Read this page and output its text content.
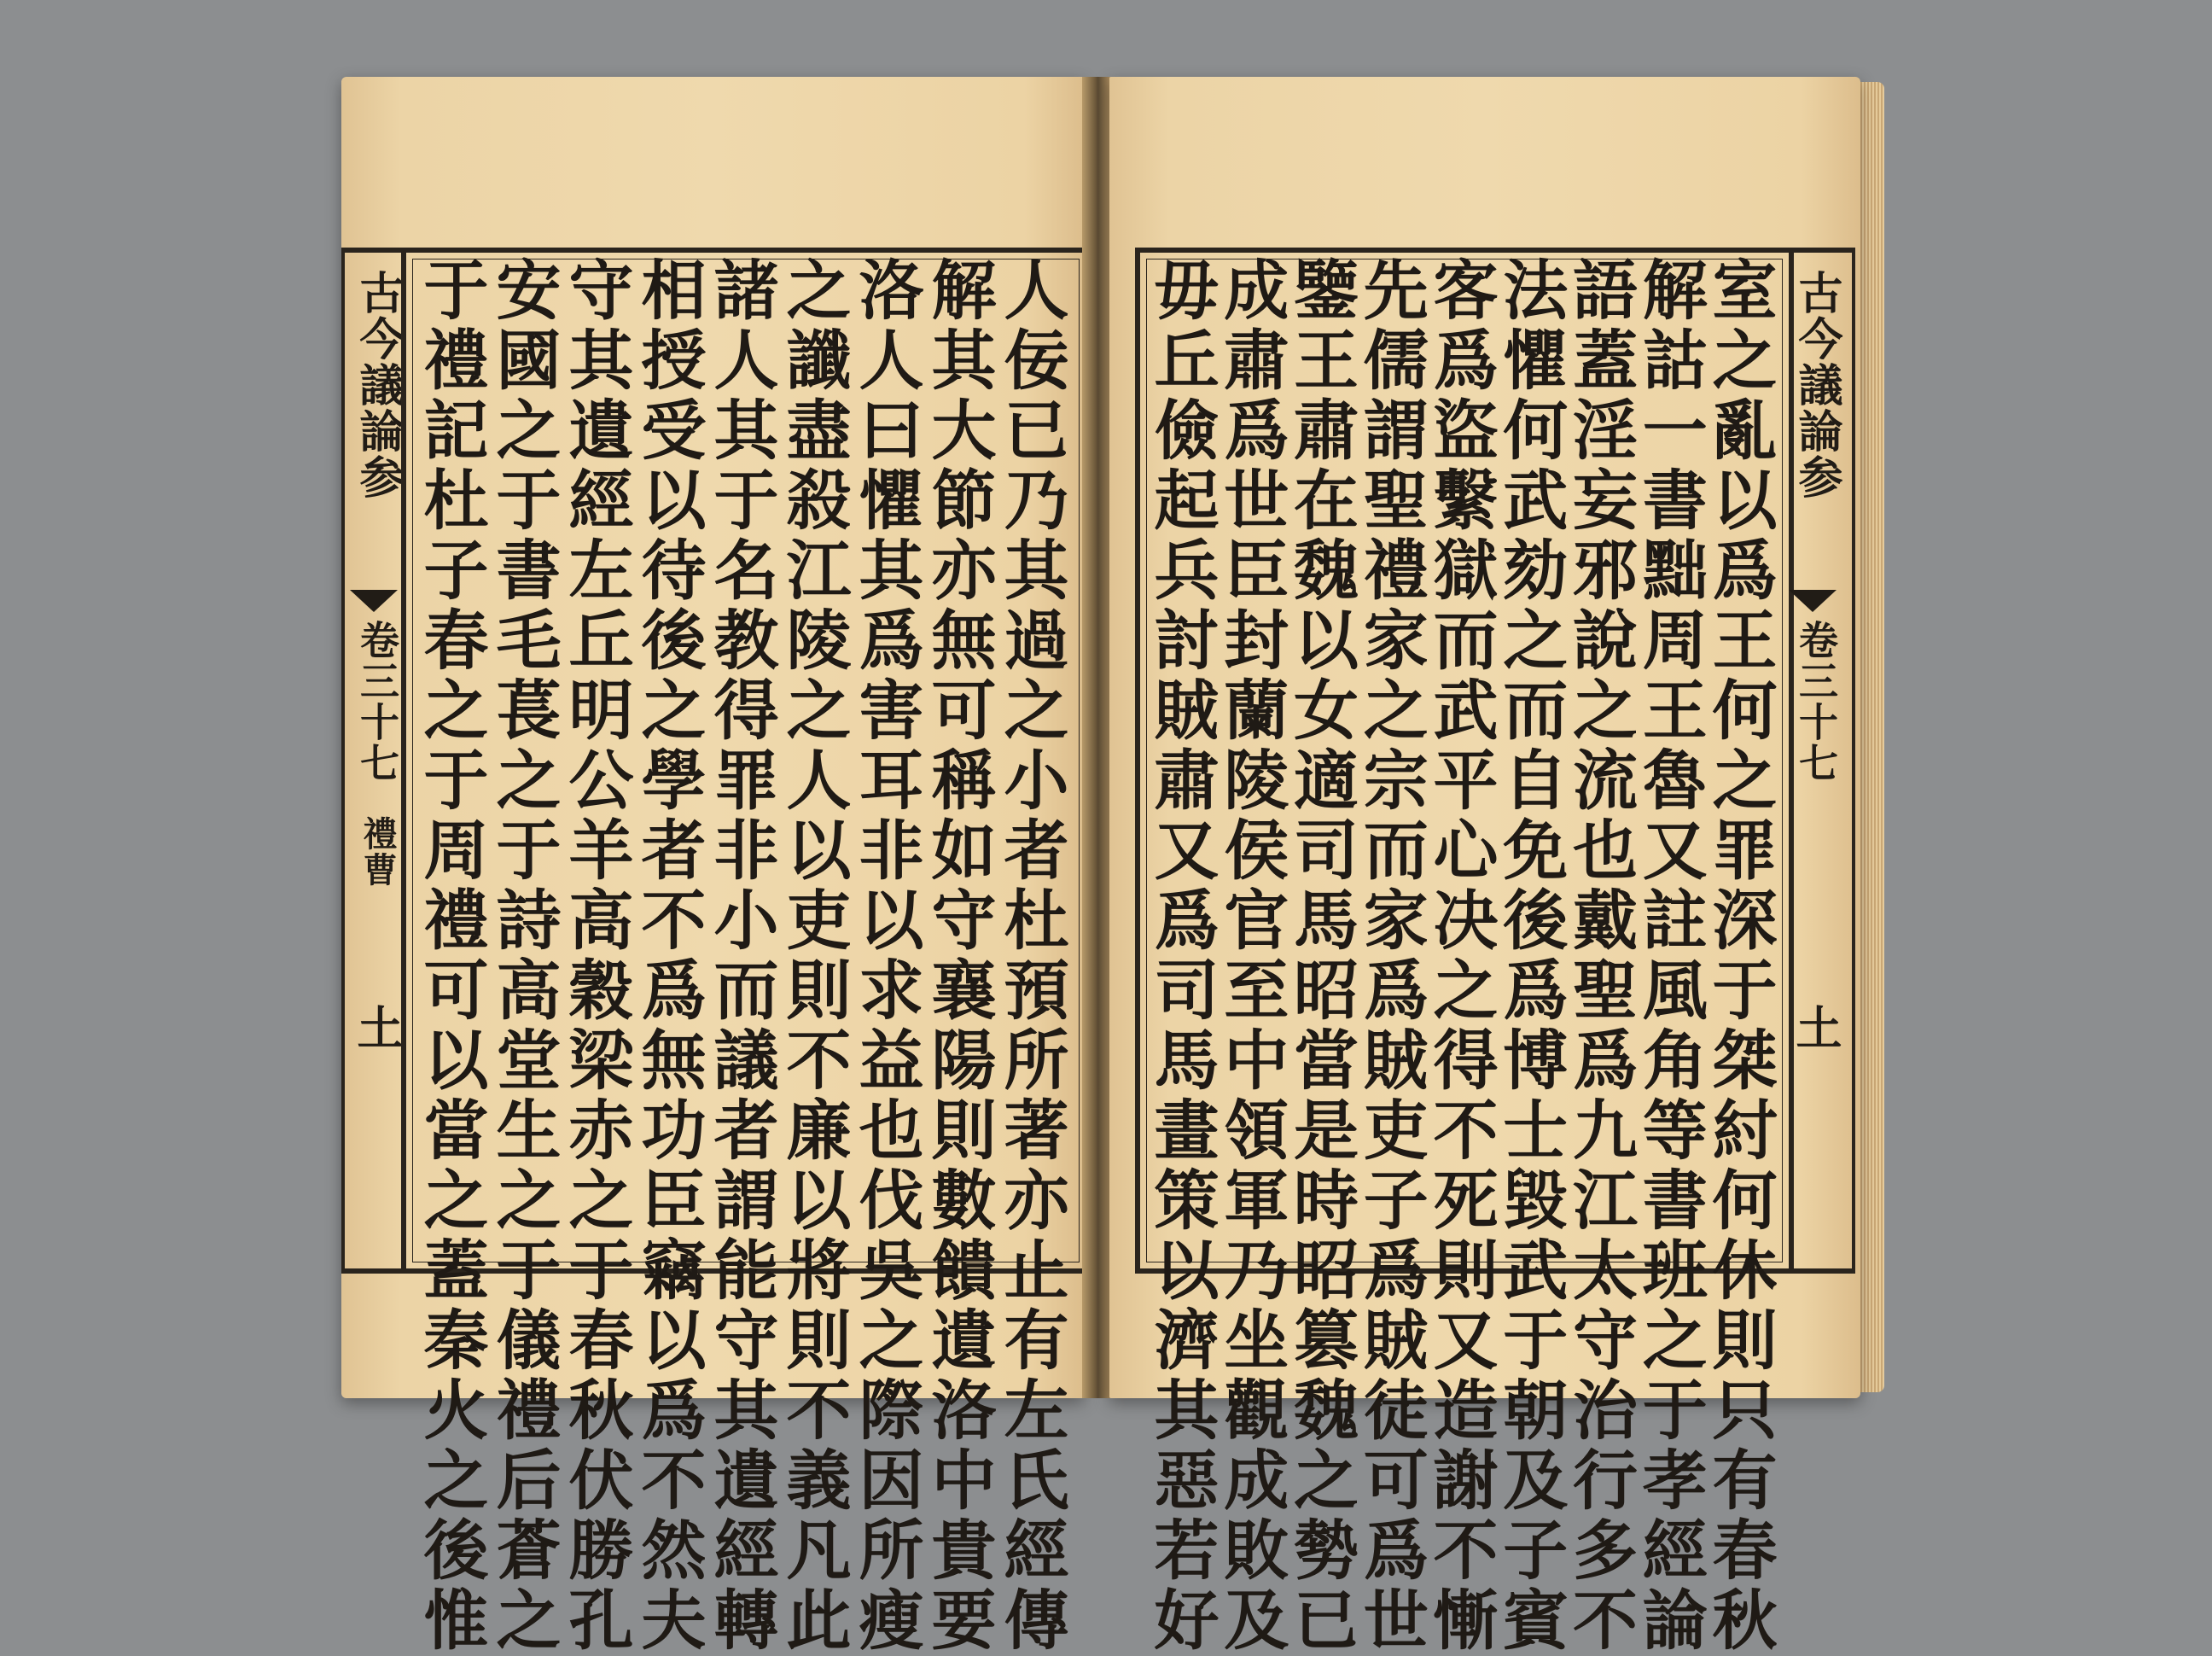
古今議論参
卷三十七
禮曹
土	人佞已乃其過之小者杜預所著亦止有左氏經傳
解其大節亦無可稱如守襄陽則數饋遺洛中貴要
洛人曰懼其爲害耳非以求益也伐吳之際因所瘦
之讖盡殺江陵之人以吏則不廉以將則不義凡此
諸人其于名教得罪非小而議者謂能守其遺經轉
相授受以待後之學者不爲無功臣竊以爲不然夫
守其遺經左丘明公羊高穀梁赤之于春秋伏勝孔
安國之于書毛萇之于詩高堂生之于儀禮后蒼之
于禮記杜子春之于周禮可以當之蓋秦火之後惟	古今議論参
卷三十七
土
室之亂以爲王何之罪深于桀紂何休則只有春秋
解詁一書黜周王魯又註風角等書班之于孝經論
語蓋淫妄邪說之流也戴聖爲九江太守治行多不
法懼何武劾之而自免後爲博士毀武于朝及子賓
客爲盜繫獄而武平心决之得不死則又造謝不慚
先儒謂聖禮家之宗而家爲賊吏子爲賊徒可爲世
鑒王肅在魏以女適司馬昭當是時昭篡魏之勢已
成肅爲世臣封蘭陵侯官至中領軍乃坐觀成敗及
毋丘儉起兵討賊肅又爲司馬畫策以濟其惡若好
